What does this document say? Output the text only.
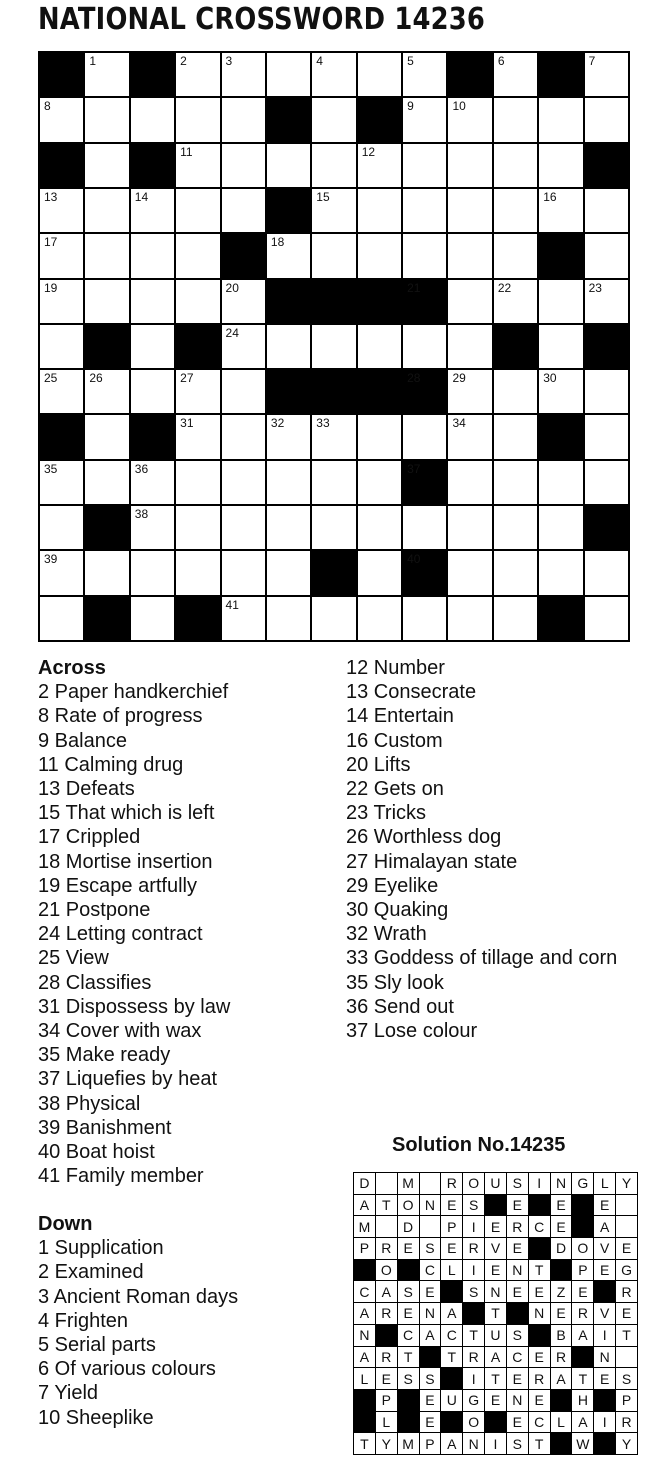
NATIONAL CROSSWORD 14236
1	2	3	4	5	6	7
8	9	10
11	12
13	14	15	16
17	18
19	20	21	22	23
24
25	26	27	28	29	30
31	32	33	34
35	36	37
38
39	40
41
Across
2 Paper handkerchief
8 Rate of progress
9 Balance
11 Calming drug
13 Defeats
15 That which is left
17 Crippled
18 Mortise insertion
19 Escape artfully
21 Postpone
24 Letting contract
25 View
28 Classifies
31 Dispossess by law
34 Cover with wax
35 Make ready
37 Liquefies by heat
38 Physical
39 Banishment
40 Boat hoist
41 Family member
Down
1 Supplication
2 Examined
3 Ancient Roman days
4 Frighten
5 Serial parts
6 Of various colours
7 Yield
10 Sheeplike
12 Number
13 Consecrate
14 Entertain
16 Custom
20 Lifts
22 Gets on
23 Tricks
26 Worthless dog
27 Himalayan state
29 Eyelike
30 Quaking
32 Wrath
33 Goddess of tillage and corn
35 Sly look
36 Send out
37 Lose colour
Solution No.14235
D	M	R O U S	I	N G L Y
A T O N E S	E	E	E
M	D	P	I	E R C E	A
P R E S E R V E	D O V E
O	C L	I	E N T	P E G
C A S E	S N E E Z E	R
A R E N A	T	N E R V E
N	C A C T U S	B A	I	T
A R T	T R A C E R	N
L E S S	I	T E R A T E S
P	E U G E N E	H	P
L	E	O	E C L A	I	R
T Y M P A N	I	S T	W	Y
